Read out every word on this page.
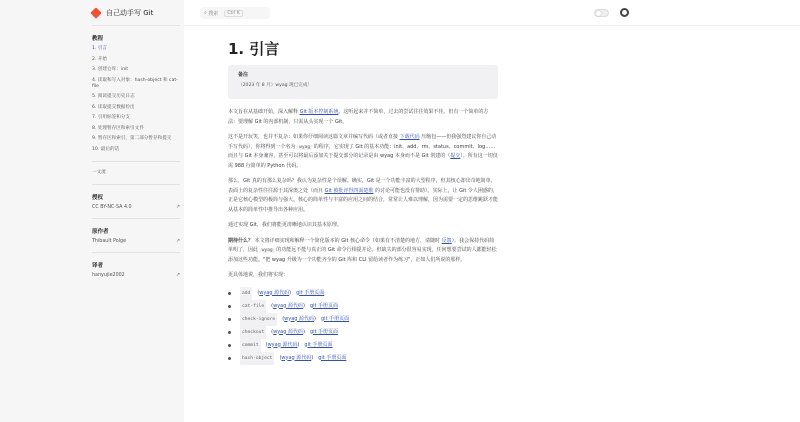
自己动手写 Git
教程
1. 引言
2. 开始
3. 创建仓库：init
4. 读取和写入对象：hash-object 和 cat-file
5. 阅读提交历史日志
6. 读取提交数据检出
7. 引用标签和分支
8. 处理暂存区和索引文件
9. 暂存区和索引，第二部分暂存和提交
10. 最后的话
一文流
授权
CC BY-NC-SA 4.0	↗
原作者
Thibault Polge	↗
译者
hanyujie2002	↗
⌕ 搜索	Ctrl K
1. 引言
备注
（2023 年 8 月）wyag 现已完成！

本文旨在从基础开始，深入解释 Git 版本控制系统。这听起来并不简单，过去的尝试往往效果不佳。但有一个简单的方法：要理解 Git 的内部机制，只需从头实现一个 Git。

这不是开玩笑，也并不复杂：如果你仔细阅读这篇文章并编写代码（或者直接 下载代码 压缩包——但我强烈建议你自己动手写代码），你将得到一个名为 wyag 的程序，它实现了 Git 的基本功能：init、add、rm、status、commit、log……而且与 Git 本身兼容，甚至可以将最后添加关于提交部分的记录是由 wyag 本身而不是 Git 创建的（提交）。所有这一切仅需 988 行简单的 Python 代码。

那么，Git 真的有那么复杂吗？我认为复杂性是个误解。确实，Git 是一个功能丰富的大型程序，但其核心却出奇地简单，表面上的复杂性往往源于其深奥之处（而且 Git 被批评得四面楚歌 的讨论可能也没有帮助）。实际上，让 Git 令人困惑的，正是它核心模型的极简与强大。核心的简单性与丰富的应用之间的结合，常常让人难以理解，因为需要一定的思维跳跃才能从基本的简单性中推导出各种应用。

通过实现 Git，我们将能更清晰地认识其基本原理。

期待什么？ 本文将详细实现和解释一个简化版本的 Git 核心命令（如果有不清楚的地方，请随时 反馈）。我会保持代码简单明了，因此 wyag 的功能远不能与真正的 Git 命令行相提并论。但缺失的部分很容易实现，任何想要尝试的人都能轻松添加这些功能。"把 wyag 升级为一个功能齐全的 Git 库和 CLI 留给读者作为练习"，正如人们所说的那样。

更具体地说，我们将实现：

add	(wyag 源代码) git 手册页面
cat-file	(wyag 源代码) git 手册页面
check-ignore	(wyag 源代码) git 手册页面
checkout	(wyag 源代码) git 手册页面
commit	(wyag 源代码) git 手册页面
hash-object	(wyag 源代码) git 手册页面
